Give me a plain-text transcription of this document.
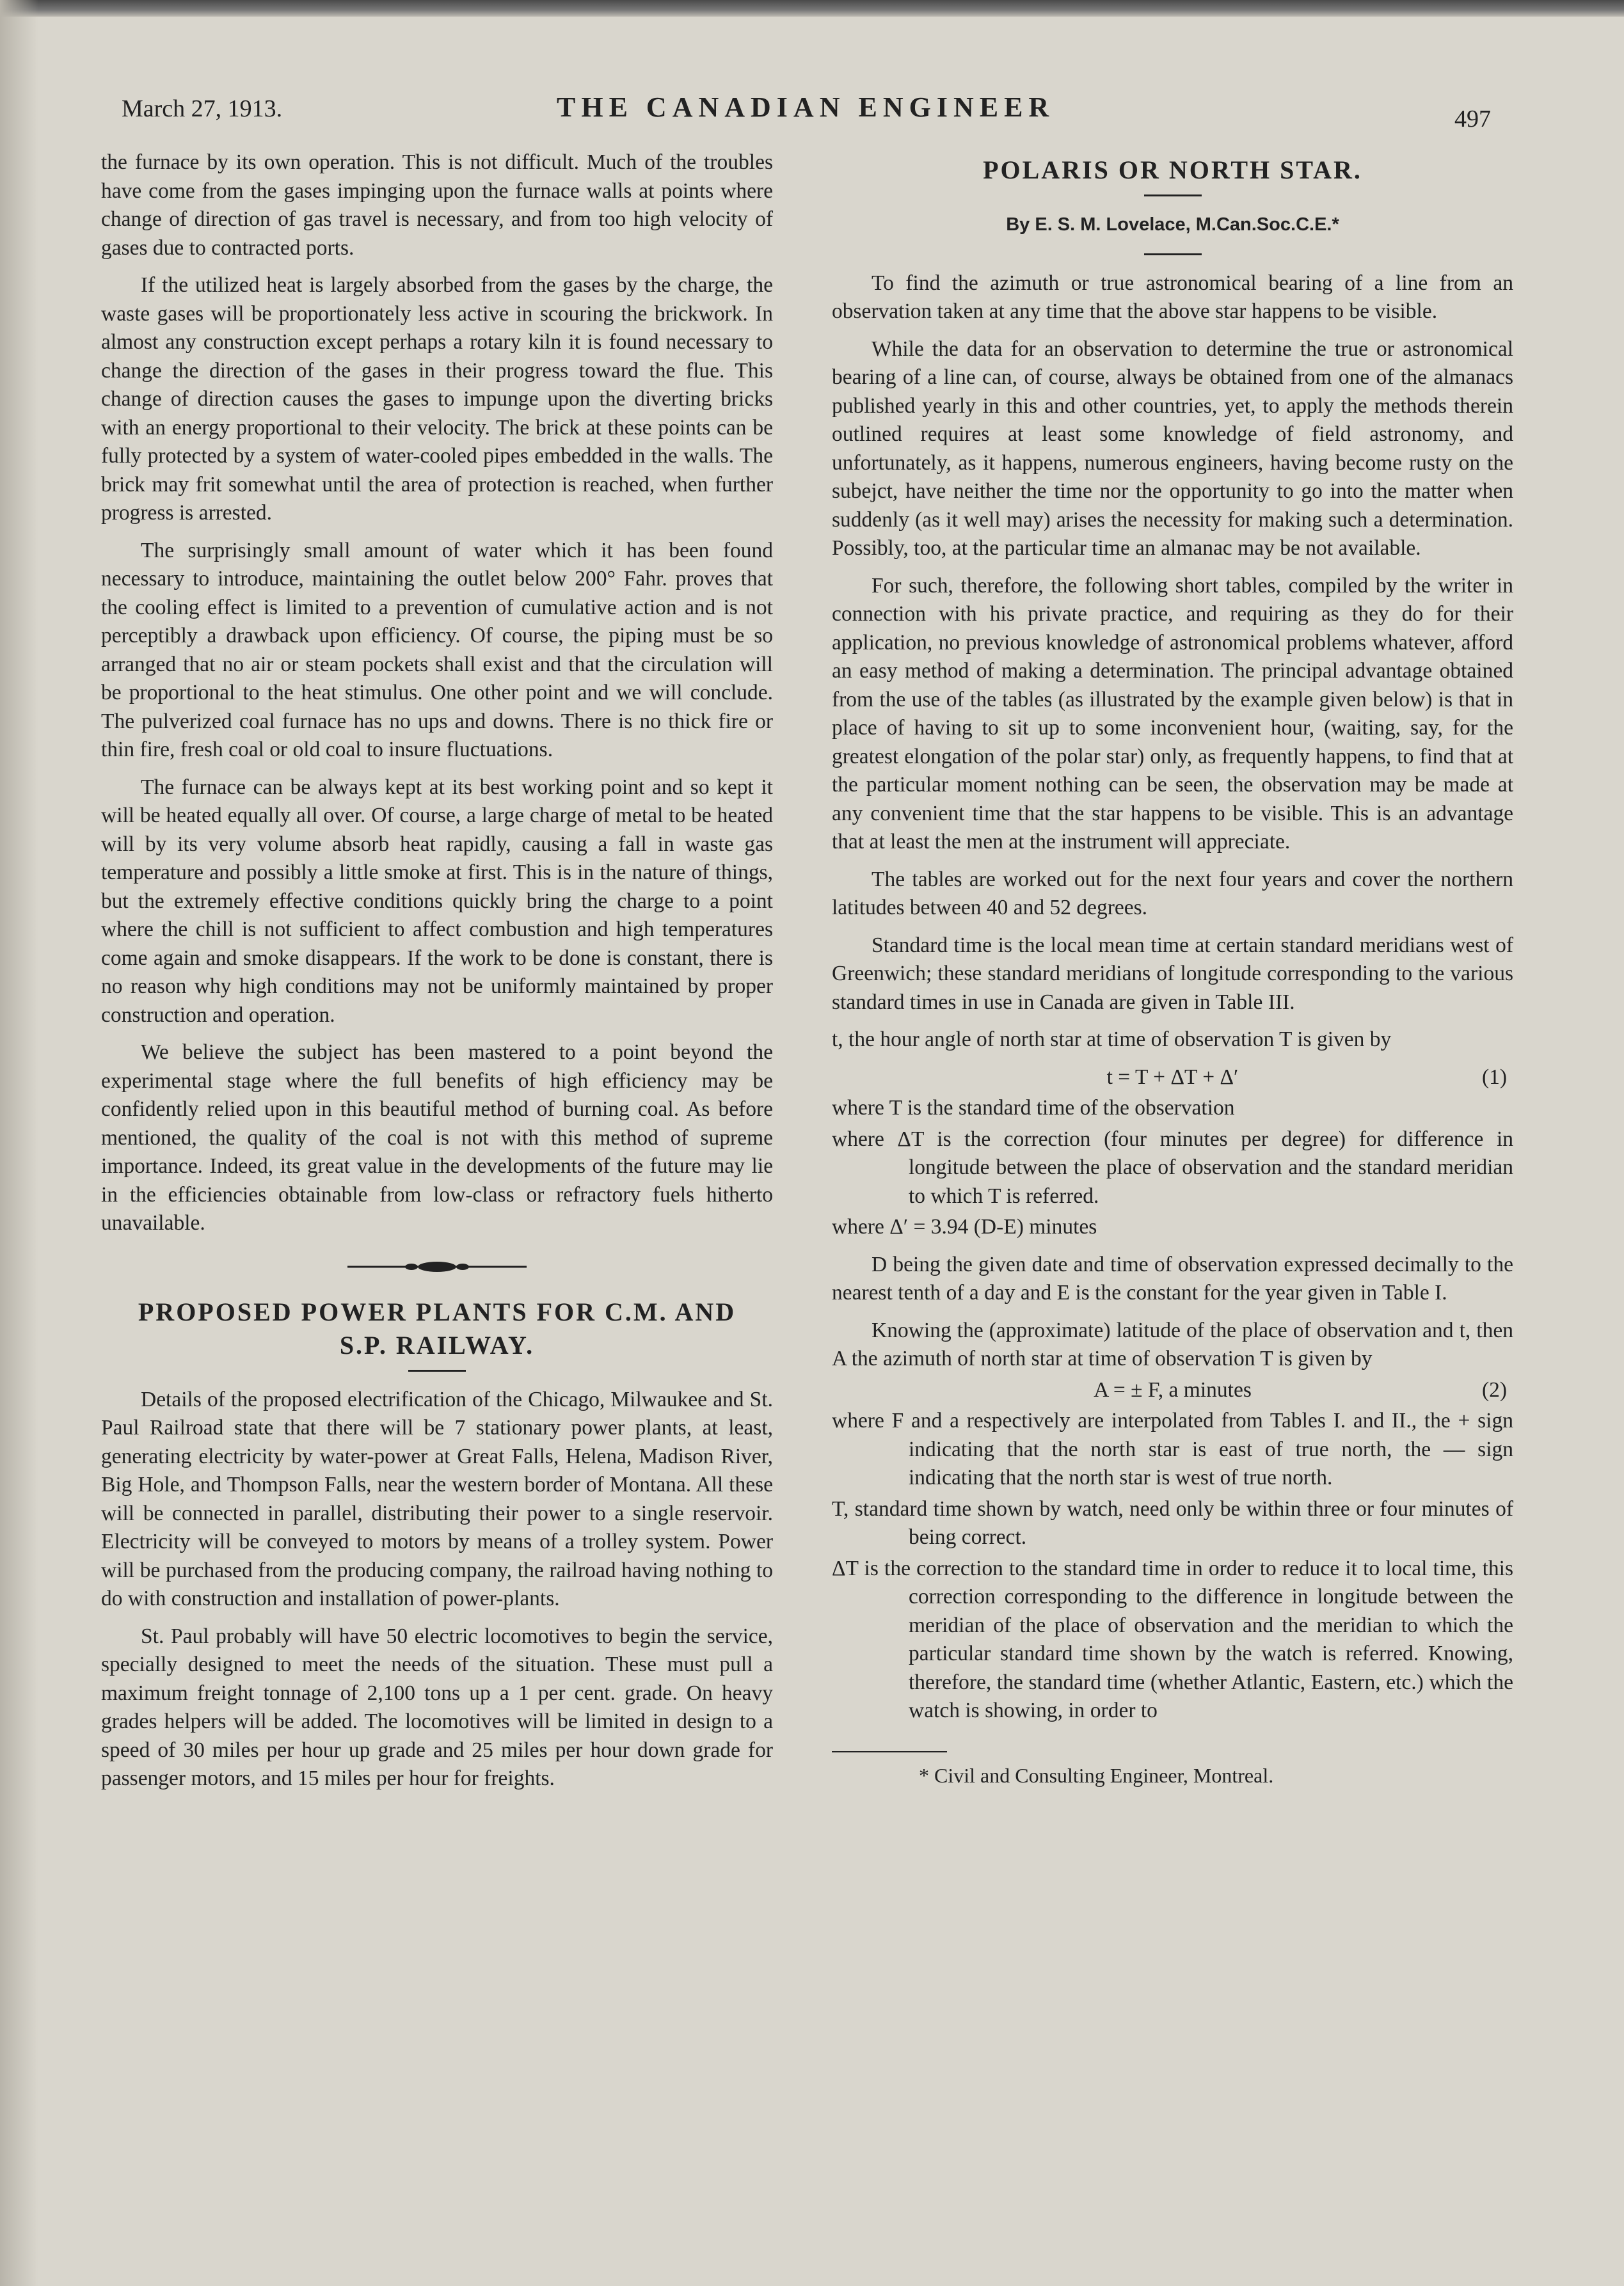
March 27, 1913.	THE CANADIAN ENGINEER	497

the furnace by its own operation. This is not difficult. Much of the troubles have come from the gases impinging upon the furnace walls at points where change of direction of gas travel is necessary, and from too high velocity of gases due to contracted ports.

If the utilized heat is largely absorbed from the gases by the charge, the waste gases will be proportionately less active in scouring the brickwork. In almost any construction except perhaps a rotary kiln it is found necessary to change the direction of the gases in their progress toward the flue. This change of direction causes the gases to impunge upon the diverting bricks with an energy proportional to their velocity. The brick at these points can be fully protected by a system of water-cooled pipes embedded in the walls. The brick may frit somewhat until the area of protection is reached, when further progress is arrested.

The surprisingly small amount of water which it has been found necessary to introduce, maintaining the outlet below 200° Fahr. proves that the cooling effect is limited to a prevention of cumulative action and is not perceptibly a drawback upon efficiency. Of course, the piping must be so arranged that no air or steam pockets shall exist and that the circulation will be proportional to the heat stimulus. One other point and we will conclude. The pulverized coal furnace has no ups and downs. There is no thick fire or thin fire, fresh coal or old coal to insure fluctuations.

The furnace can be always kept at its best working point and so kept it will be heated equally all over. Of course, a large charge of metal to be heated will by its very volume absorb heat rapidly, causing a fall in waste gas temperature and possibly a little smoke at first. This is in the nature of things, but the extremely effective conditions quickly bring the charge to a point where the chill is not sufficient to affect combustion and high temperatures come again and smoke disappears. If the work to be done is constant, there is no reason why high conditions may not be uniformly maintained by proper construction and operation.

We believe the subject has been mastered to a point beyond the experimental stage where the full benefits of high efficiency may be confidently relied upon in this beautiful method of burning coal. As before mentioned, the quality of the coal is not with this method of supreme importance. Indeed, its great value in the developments of the future may lie in the efficiencies obtainable from low-class or refractory fuels hitherto unavailable.

PROPOSED POWER PLANTS FOR C.M. AND
S.P. RAILWAY.

Details of the proposed electrification of the Chicago, Milwaukee and St. Paul Railroad state that there will be 7 stationary power plants, at least, generating electricity by water-power at Great Falls, Helena, Madison River, Big Hole, and Thompson Falls, near the western border of Montana. All these will be connected in parallel, distributing their power to a single reservoir. Electricity will be conveyed to motors by means of a trolley system. Power will be purchased from the producing company, the railroad having nothing to do with construction and installation of power-plants.

St. Paul probably will have 50 electric locomotives to begin the service, specially designed to meet the needs of the situation. These must pull a maximum freight tonnage of 2,100 tons up a 1 per cent. grade. On heavy grades helpers will be added. The locomotives will be limited in design to a speed of 30 miles per hour up grade and 25 miles per hour down grade for passenger motors, and 15 miles per hour for freights.

POLARIS OR NORTH STAR.
By E. S. M. Lovelace, M.Can.Soc.C.E.*

To find the azimuth or true astronomical bearing of a line from an observation taken at any time that the above star happens to be visible.

While the data for an observation to determine the true or astronomical bearing of a line can, of course, always be obtained from one of the almanacs published yearly in this and other countries, yet, to apply the methods therein outlined requires at least some knowledge of field astronomy, and unfortunately, as it happens, numerous engineers, having become rusty on the subejct, have neither the time nor the opportunity to go into the matter when suddenly (as it well may) arises the necessity for making such a determination. Possibly, too, at the particular time an almanac may be not available.

For such, therefore, the following short tables, compiled by the writer in connection with his private practice, and requiring as they do for their application, no previous knowledge of astronomical problems whatever, afford an easy method of making a determination. The principal advantage obtained from the use of the tables (as illustrated by the example given below) is that in place of having to sit up to some inconvenient hour, (waiting, say, for the greatest elongation of the polar star) only, as frequently happens, to find that at the particular moment nothing can be seen, the observation may be made at any convenient time that the star happens to be visible. This is an advantage that at least the men at the instrument will appreciate.

The tables are worked out for the next four years and cover the northern latitudes between 40 and 52 degrees.

Standard time is the local mean time at certain standard meridians west of Greenwich; these standard meridians of longitude corresponding to the various standard times in use in Canada are given in Table III.

t, the hour angle of north star at time of observation T is given by

t = T + ΔT + Δ′	(1)

where T is the standard time of the observation

where ΔT is the correction (four minutes per degree) for difference in longitude between the place of observation and the standard meridian to which T is referred.

where Δ′ = 3.94 (D-E) minutes

D being the given date and time of observation expressed decimally to the nearest tenth of a day and E is the constant for the year given in Table I.

Knowing the (approximate) latitude of the place of observation and t, then A the azimuth of north star at time of observation T is given by

A = ± F, a minutes	(2)

where F and a respectively are interpolated from Tables I. and II., the + sign indicating that the north star is east of true north, the — sign indicating that the north star is west of true north.

T, standard time shown by watch, need only be within three or four minutes of being correct.

ΔT is the correction to the standard time in order to reduce it to local time, this correction corresponding to the difference in longitude between the meridian of the place of observation and the meridian to which the particular standard time shown by the watch is referred. Knowing, therefore, the standard time (whether Atlantic, Eastern, etc.) which the watch is showing, in order to

* Civil and Consulting Engineer, Montreal.
